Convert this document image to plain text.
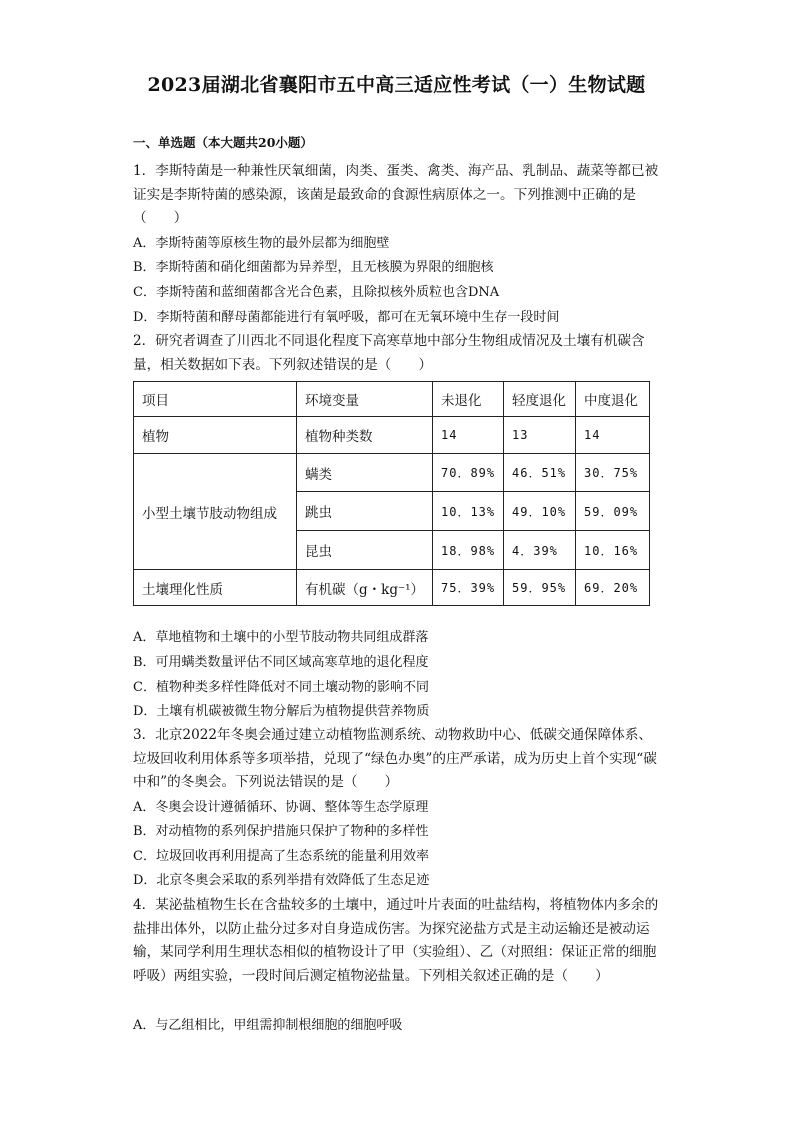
2023届湖北省襄阳市五中高三适应性考试（一）生物试题
一、单选题（本大题共20小题）
1．李斯特菌是一种兼性厌氧细菌，肉类、蛋类、禽类、海产品、乳制品、蔬菜等都已被证实是李斯特菌的感染源，该菌是最致命的食源性病原体之一。下列推测中正确的是（　　）
A．李斯特菌等原核生物的最外层都为细胞壁
B．李斯特菌和硝化细菌都为异养型，且无核膜为界限的细胞核
C．李斯特菌和蓝细菌都含光合色素，且除拟核外质粒也含DNA
D．李斯特菌和酵母菌都能进行有氧呼吸，都可在无氧环境中生存一段时间
2．研究者调查了川西北不同退化程度下高寒草地中部分生物组成情况及土壤有机碳含量，相关数据如下表。下列叙述错误的是（　　）
项目	环境变量	未退化	轻度退化	中度退化
植物	植物种类数	14	13	14
小型土壤节肢动物组成	螨类	70．89%	46．51%	30．75%
	跳虫	10．13%	49．10%	59．09%
	昆虫	18．98%	4．39%	10．16%
土壤理化性质	有机碳（g・kg⁻¹）	75．39%	59．95%	69．20%
A．草地植物和土壤中的小型节肢动物共同组成群落
B．可用螨类数量评估不同区域高寒草地的退化程度
C．植物种类多样性降低对不同土壤动物的影响不同
D．土壤有机碳被微生物分解后为植物提供营养物质
3．北京2022年冬奥会通过建立动植物监测系统、动物救助中心、低碳交通保障体系、垃圾回收利用体系等多项举措，兑现了“绿色办奥”的庄严承诺，成为历史上首个实现“碳中和”的冬奥会。下列说法错误的是（　　）
A．冬奥会设计遵循循环、协调、整体等生态学原理
B．对动植物的系列保护措施只保护了物种的多样性
C．垃圾回收再利用提高了生态系统的能量利用效率
D．北京冬奥会采取的系列举措有效降低了生态足迹
4．某泌盐植物生长在含盐较多的土壤中，通过叶片表面的吐盐结构，将植物体内多余的盐排出体外，以防止盐分过多对自身造成伤害。为探究泌盐方式是主动运输还是被动运输，某同学利用生理状态相似的植物设计了甲（实验组）、乙（对照组：保证正常的细胞呼吸）两组实验，一段时间后测定植物泌盐量。下列相关叙述正确的是（　　）
A．与乙组相比，甲组需抑制根细胞的细胞呼吸
